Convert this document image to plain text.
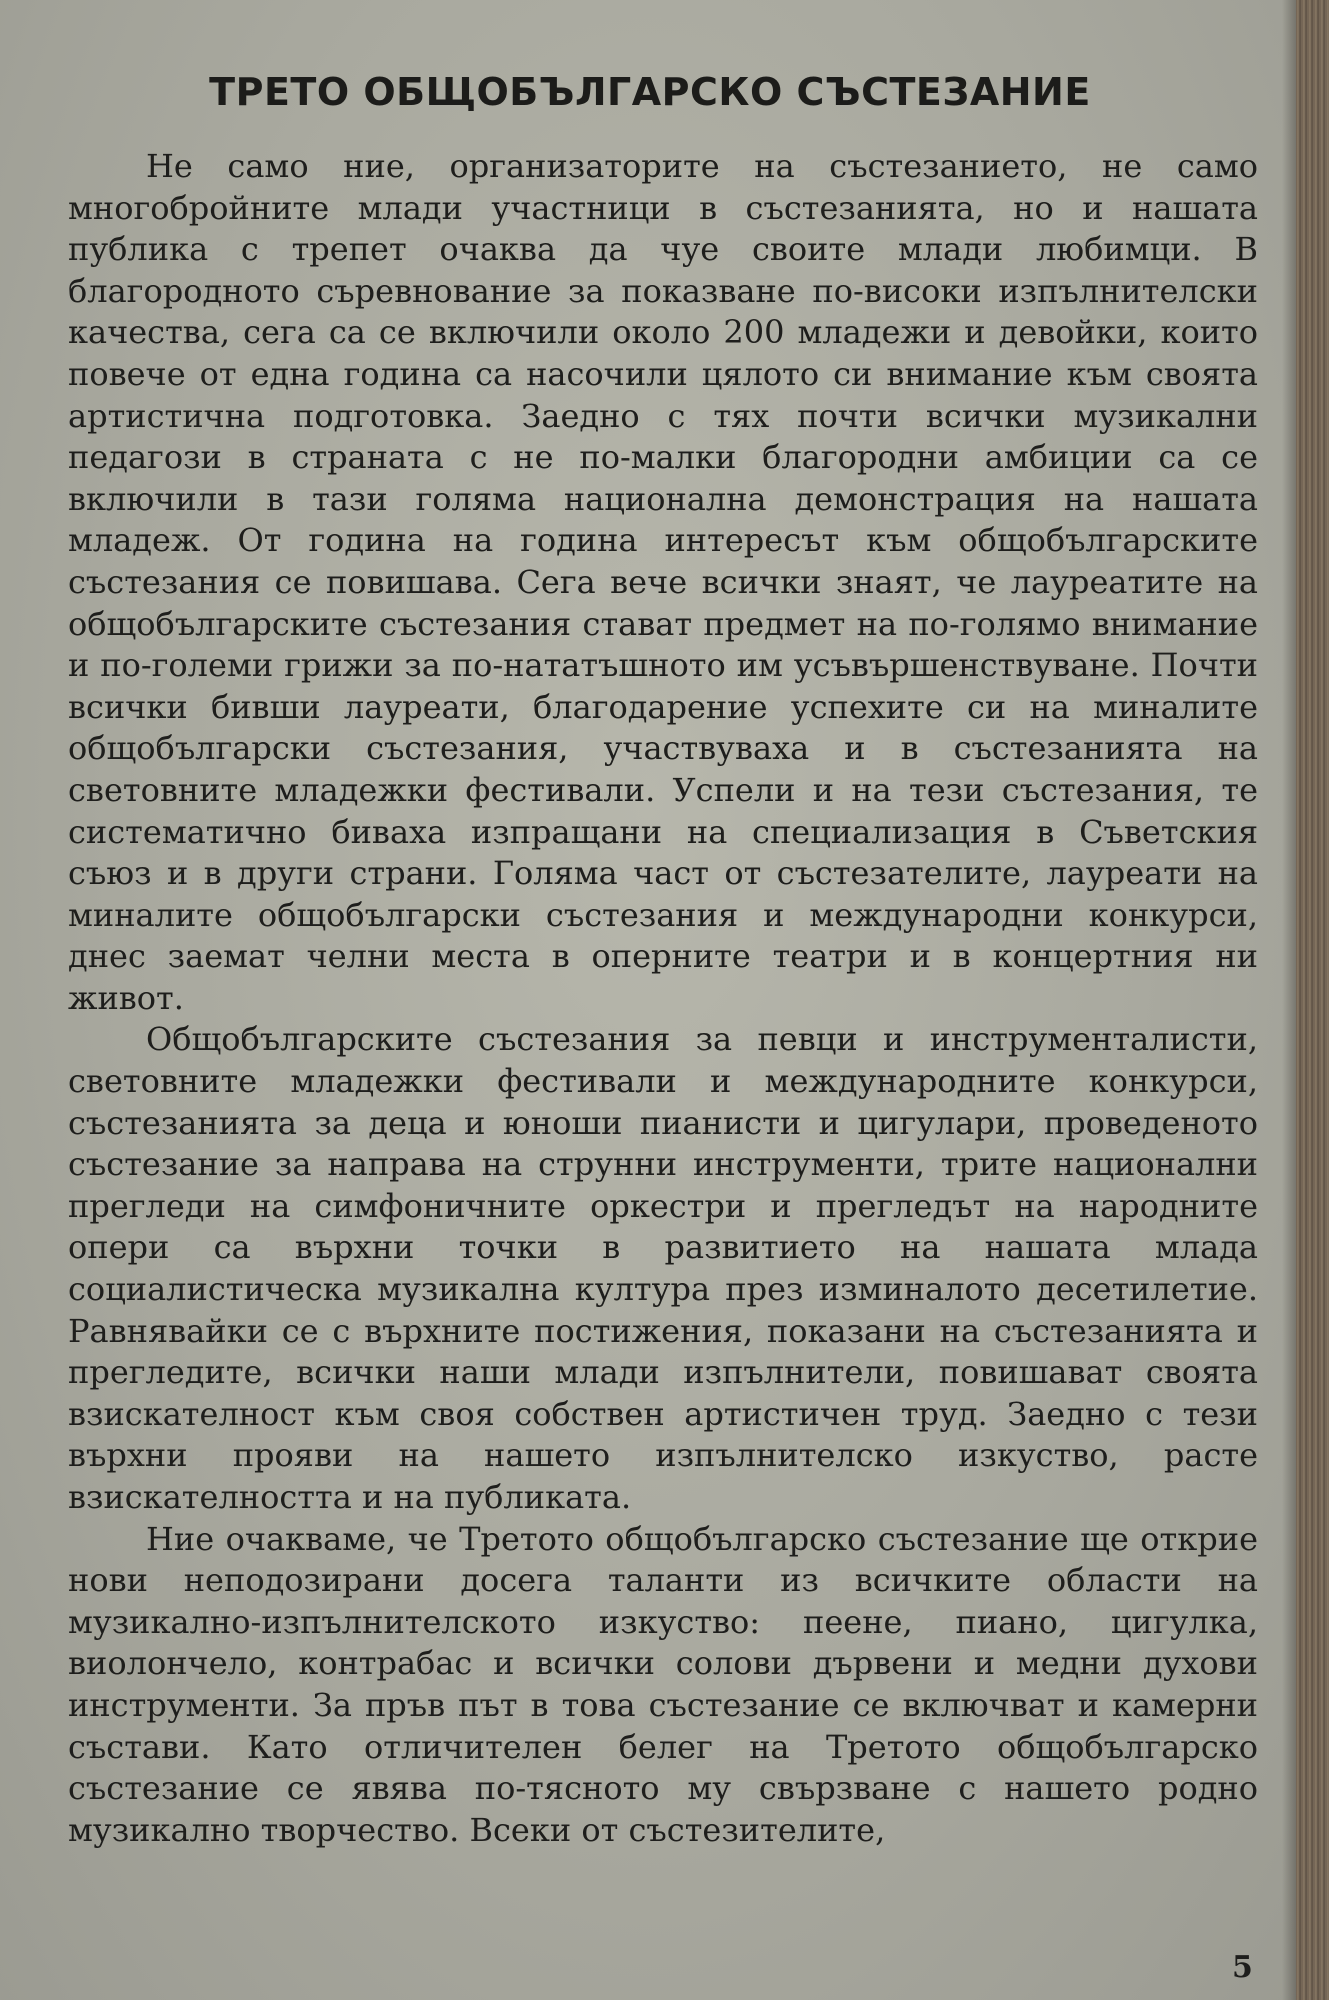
ТРЕТО ОБЩОБЪЛГАРСКО СЪСТЕЗАНИЕ

Не само ние, организаторите на състезанието, не само многобройните млади участници в състезанията, но и нашата публика с трепет очаква да чуе своите млади любимци. В благородното съревнование за показване по-високи изпълнителски качества, сега са се включили около 200 младежи и девойки, които повече от една година са насочили цялото си внимание към своята артистична подготовка. Заедно с тях почти всички музикални педагози в страната с не по-малки благородни амбиции са се включили в тази голяма национална демонстрация на нашата младеж. От година на година интересът към общобългарските състезания се повишава. Сега вече всички знаят, че лауреатите на общобългарските състезания стават предмет на по-голямо внимание и по-големи грижи за по-нататъшното им усъвършенствуване. Почти всички бивши лауреати, благодарение успехите си на миналите общобългарски състезания, участвуваха и в състезанията на световните младежки фестивали. Успели и на тези състезания, те систематично биваха изпращани на специализация в Съветския съюз и в други страни. Голяма част от състезателите, лауреати на миналите общобългарски състезания и международни конкурси, днес заемат челни места в оперните театри и в концертния ни живот.

Общобългарските състезания за певци и инструменталисти, световните младежки фестивали и международните конкурси, състезанията за деца и юноши пианисти и цигулари, проведеното състезание за направа на струнни инструменти, трите национални прегледи на симфоничните оркестри и прегледът на народните опери са върхни точки в развитието на нашата млада социалистическа музикална култура през изминалото десетилетие. Равнявайки се с върхните постижения, показани на състезанията и прегледите, всички наши млади изпълнители, повишават своята взискателност към своя собствен артистичен труд. Заедно с тези върхни прояви на нашето изпълнителско изкуство, расте взискателността и на публиката.

Ние очакваме, че Третото общобългарско състезание ще открие нови неподозирани досега таланти из всичките области на музикално-изпълнителското изкуство: пеене, пиано, цигулка, виолончело, контрабас и всички солови дървени и медни духови инструменти. За пръв път в това състезание се включват и камерни състави. Като отличителен белег на Третото общобългарско състезание се явява по-тясното му свързване с нашето родно музикално творчество. Всеки от състезителите,

5
